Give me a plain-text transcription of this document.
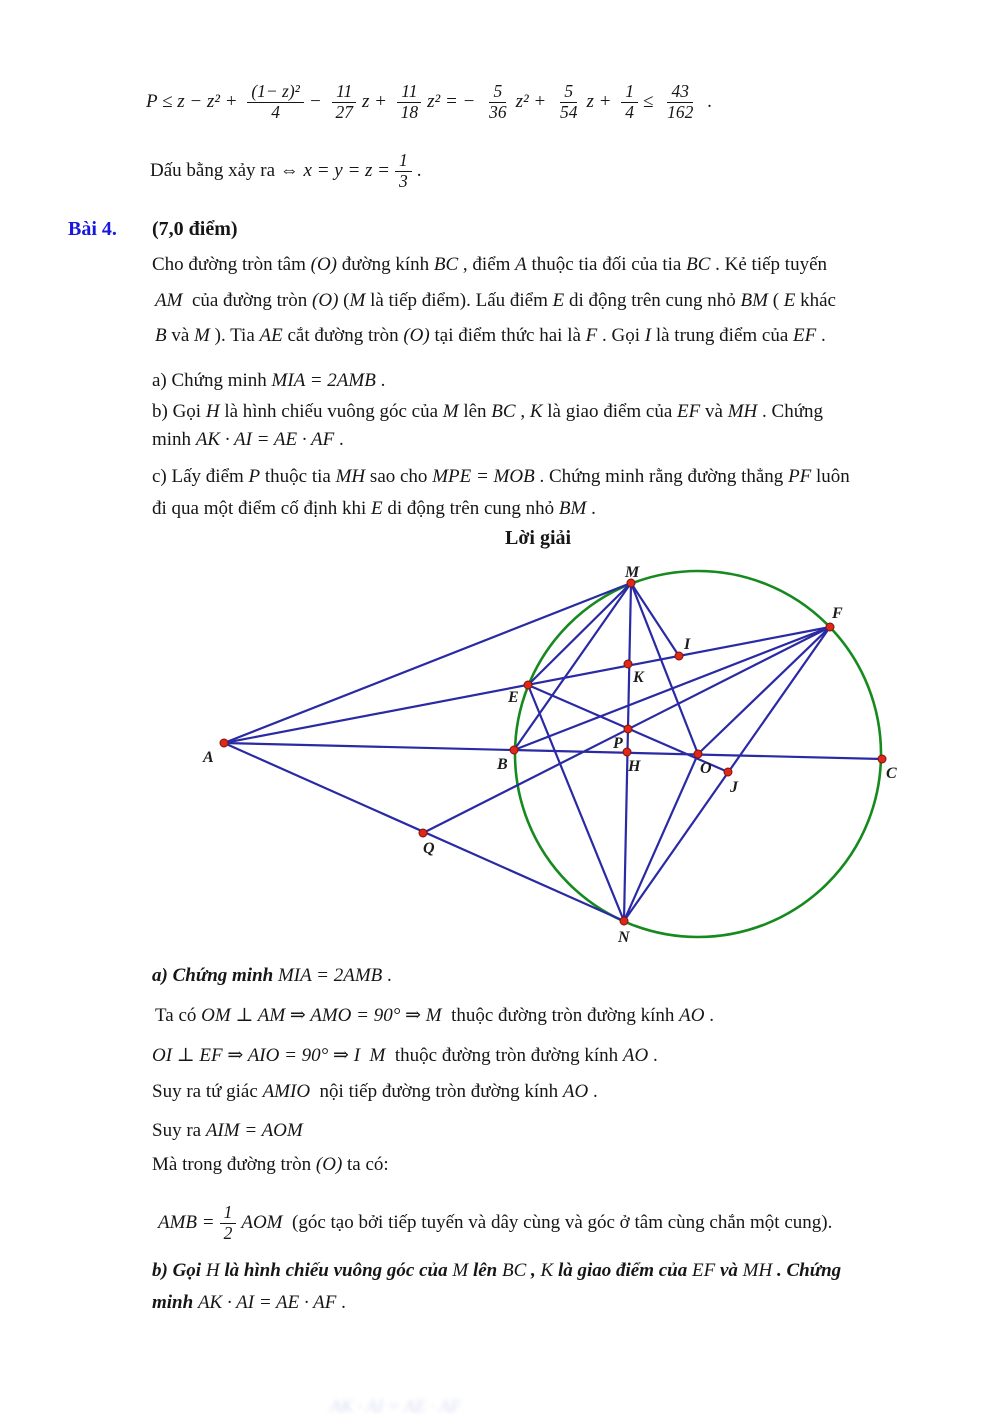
A	B
C
O
H
M
N
E
F
I
K
P
Q
J
$P \le z - z^2 + \frac{\text{(1− z)²}}{4} - \frac{11}{27}$ $z + \frac{11}{18} z^2$ = − $\frac{5}{36} z^2 + \frac{5}{54}$ $z + \frac{1}{4} \le \frac{43}{162}$ .
Dấu bằng xảy ra ⇔ $x = y = z = \frac{1}{3}$ .
Bài 4. (7,0 điểm)
Cho đường tròn tâm (O) đường kính BC , điểm A thuộc tia đối của tia BC . Kẻ tiếp tuyến
AM của đường tròn (O) ( M là tiếp điểm). Lấu điểm E di động trên cung nhỏ BM ( E khác
B và M ). Tia AE cắt đường tròn (O) tại điểm thức hai là F . Gọi I là trung điểm của EF .
a) Chứng minh MIA = 2AMB .
b) Gọi H là hình chiếu vuông góc của M lên BC , K là giao điểm của EF và MH . Chứng
minh AK · AI = AE · AF .
c) Lấy điểm P thuộc tia MH sao cho MPE = MOB . Chứng minh rằng đường thẳng PF luôn
đi qua một điểm cố định khi E di động trên cung nhỏ BM .
Lời giải
a) Chứng minh MIA = 2AMB .
Ta có OM ⊥ AM ⇒ AMO = 90° ⇒ M thuộc đường tròn đường kính AO .
OI ⊥ EF ⇒ AIO = 90° ⇒ I  M thuộc đường tròn đường kính AO .
Suy ra tứ giác AMIO nội tiếp đường tròn đường kính AO .
Suy ra AIM = AOM
Mà trong đường tròn (O) ta có:
AMB = $\frac{1}{2}$ AOM (góc tạo bởi tiếp tuyến và dây cùng và góc ở tâm cùng chắn một cung).
b) Gọi H là hình chiếu vuông góc của M lên BC , K là giao điểm của EF và MH . Chứng
minh AK · AI = AE · AF .
AK · AI = AE · AF
